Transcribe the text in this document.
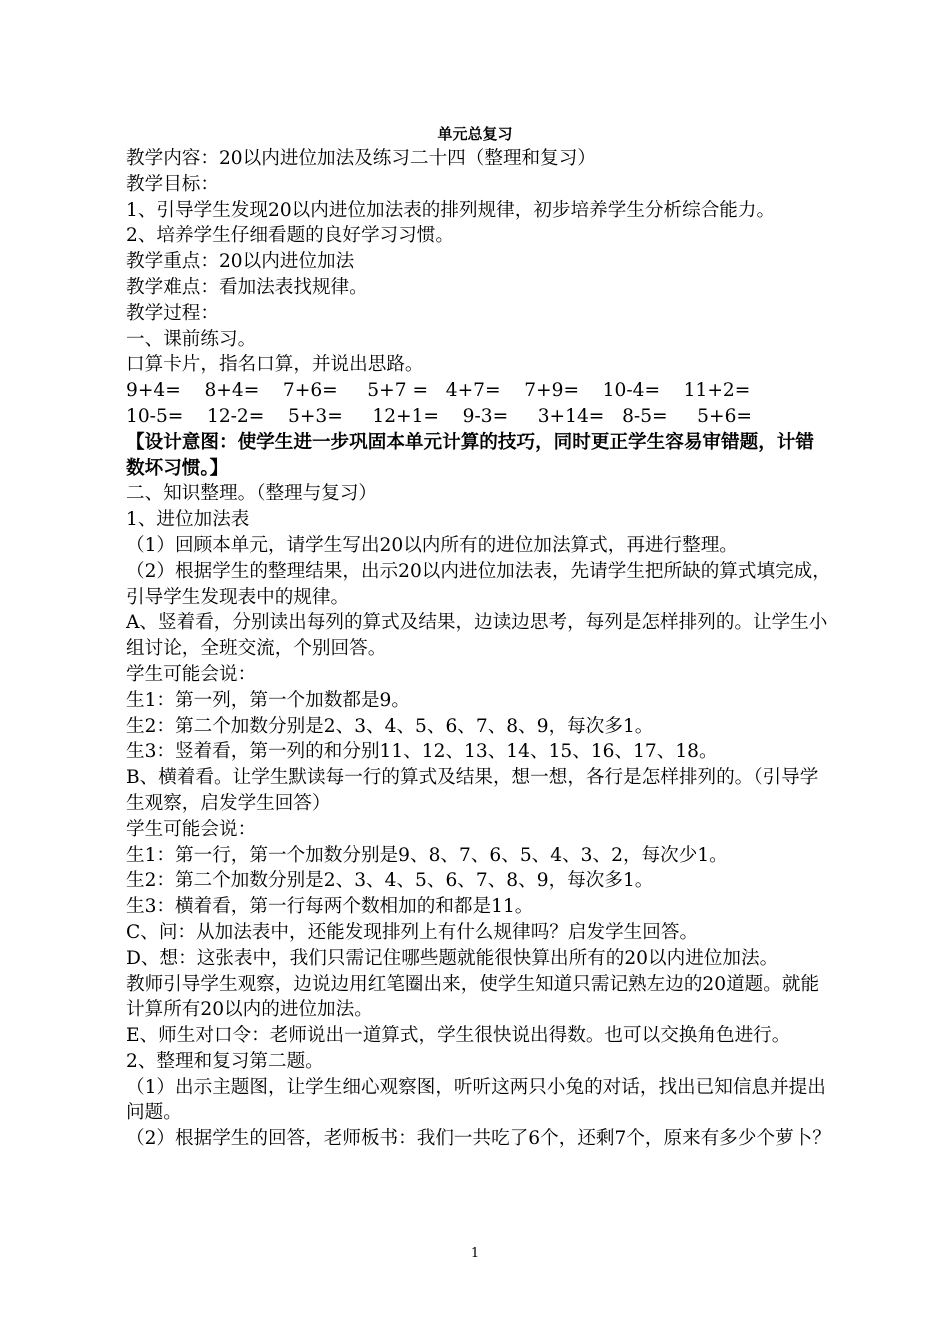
单元总复习

教学内容：20以内进位加法及练习二十四（整理和复习）

教学目标：

1、引导学生发现20以内进位加法表的排列规律，初步培养学生分析综合能力。

2、培养学生仔细看题的良好学习习惯。

教学重点：20以内进位加法

教学难点：看加法表找规律。

教学过程：

一、课前练习。

口算卡片，指名口算，并说出思路。

9+4=    8+4=    7+6=     5+7 =   4+7=    7+9=    10-4=    11+2=

10-5=    12-2=    5+3=     12+1=    9-3=     3+14=   8-5=     5+6=

【设计意图：使学生进一步巩固本单元计算的技巧，同时更正学生容易审错题，计错数坏习惯。】

二、知识整理。（整理与复习）

1、进位加法表

（1）回顾本单元，请学生写出20以内所有的进位加法算式，再进行整理。

（2）根据学生的整理结果，出示20以内进位加法表，先请学生把所缺的算式填完成，引导学生发现表中的规律。

A、竖着看，分别读出每列的算式及结果，边读边思考，每列是怎样排列的。让学生小组讨论，全班交流，个别回答。

学生可能会说：

生1：第一列，第一个加数都是9。

生2：第二个加数分别是2、3、4、5、6、7、8、9，每次多1。

生3：竖着看，第一列的和分别11、12、13、14、15、16、17、18。

B、横着看。让学生默读每一行的算式及结果，想一想，各行是怎样排列的。（引导学生观察，启发学生回答）

学生可能会说：

生1：第一行，第一个加数分别是9、8、7、6、5、4、3、2，每次少1。

生2：第二个加数分别是2、3、4、5、6、7、8、9，每次多1。

生3：横着看，第一行每两个数相加的和都是11。

C、问：从加法表中，还能发现排列上有什么规律吗？启发学生回答。

D、想：这张表中，我们只需记住哪些题就能很快算出所有的20以内进位加法。

教师引导学生观察，边说边用红笔圈出来，使学生知道只需记熟左边的20道题。就能计算所有20以内的进位加法。

E、师生对口令：老师说出一道算式，学生很快说出得数。也可以交换角色进行。

2、整理和复习第二题。

（1）出示主题图，让学生细心观察图，听听这两只小兔的对话，找出已知信息并提出问题。

（2）根据学生的回答，老师板书：我们一共吃了6个，还剩7个，原来有多少个萝卜？

1
